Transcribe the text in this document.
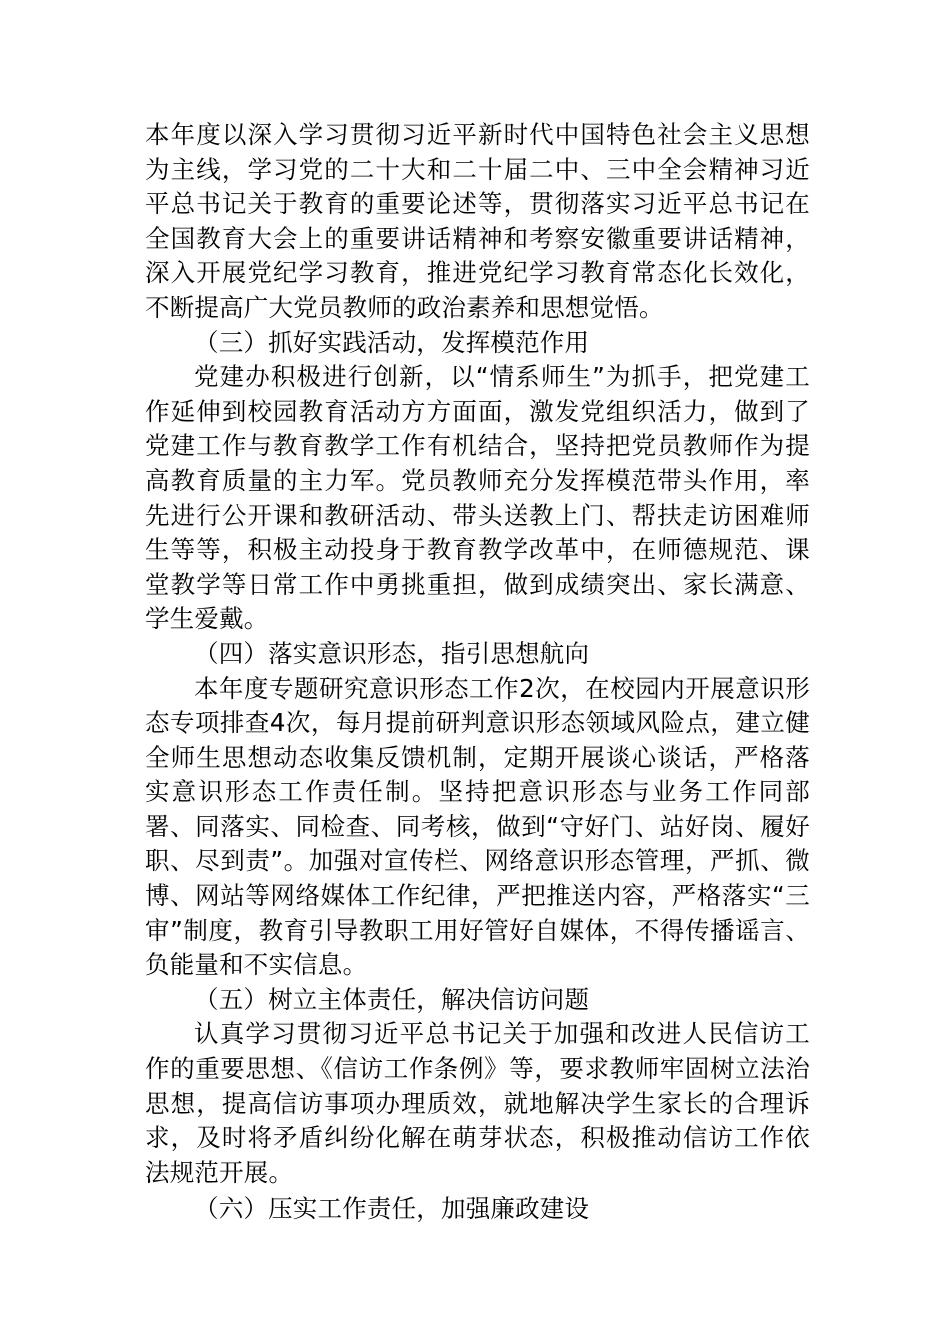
本年度以深入学习贯彻习近平新时代中国特色社会主义思想为主线，学习党的二十大和二十届二中、三中全会精神习近平总书记关于教育的重要论述等，贯彻落实习近平总书记在全国教育大会上的重要讲话精神和考察安徽重要讲话精神，深入开展党纪学习教育，推进党纪学习教育常态化长效化，不断提高广大党员教师的政治素养和思想觉悟。

（三）抓好实践活动，发挥模范作用

党建办积极进行创新，以“情系师生”为抓手，把党建工作延伸到校园教育活动方方面面，激发党组织活力，做到了党建工作与教育教学工作有机结合，坚持把党员教师作为提高教育质量的主力军。党员教师充分发挥模范带头作用，率先进行公开课和教研活动、带头送教上门、帮扶走访困难师生等等，积极主动投身于教育教学改革中，在师德规范、课堂教学等日常工作中勇挑重担，做到成绩突出、家长满意、学生爱戴。

（四）落实意识形态，指引思想航向

本年度专题研究意识形态工作2次，在校园内开展意识形态专项排查4次，每月提前研判意识形态领域风险点，建立健全师生思想动态收集反馈机制，定期开展谈心谈话，严格落实意识形态工作责任制。坚持把意识形态与业务工作同部署、同落实、同检查、同考核，做到“守好门、站好岗、履好职、尽到责”。加强对宣传栏、网络意识形态管理，严抓、微博、网站等网络媒体工作纪律，严把推送内容，严格落实“三审”制度，教育引导教职工用好管好自媒体，不得传播谣言、负能量和不实信息。

（五）树立主体责任，解决信访问题

认真学习贯彻习近平总书记关于加强和改进人民信访工作的重要思想、《信访工作条例》等，要求教师牢固树立法治思想，提高信访事项办理质效，就地解决学生家长的合理诉求，及时将矛盾纠纷化解在萌芽状态，积极推动信访工作依法规范开展。

（六）压实工作责任，加强廉政建设
